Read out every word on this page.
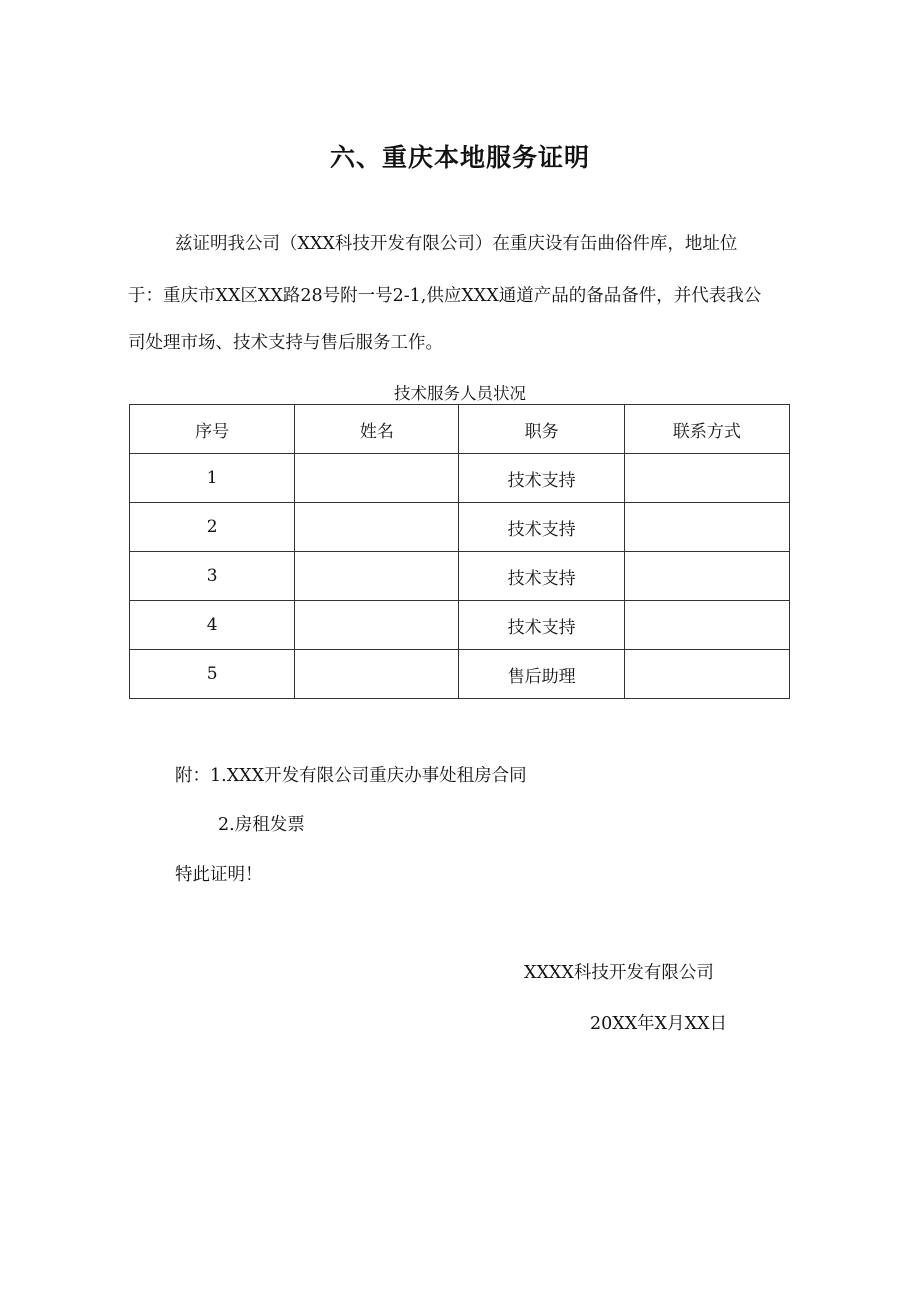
六、重庆本地服务证明
兹证明我公司（XXX科技开发有限公司）在重庆设有缶曲俗件库，地址位
于：重庆市XX区XX路28号附一号2-1,供应XXX通道产品的备品备件，并代表我公
司处理市场、技术支持与售后服务工作。
技术服务人员状况
序号	姓名	职务	联系方式
1		技术支持	
2		技术支持	
3		技术支持	
4		技术支持	
5		售后助理	
附：1.XXX开发有限公司重庆办事处租房合同
2.房租发票
特此证明！
XXXX科技开发有限公司
20XX年X月XX日
